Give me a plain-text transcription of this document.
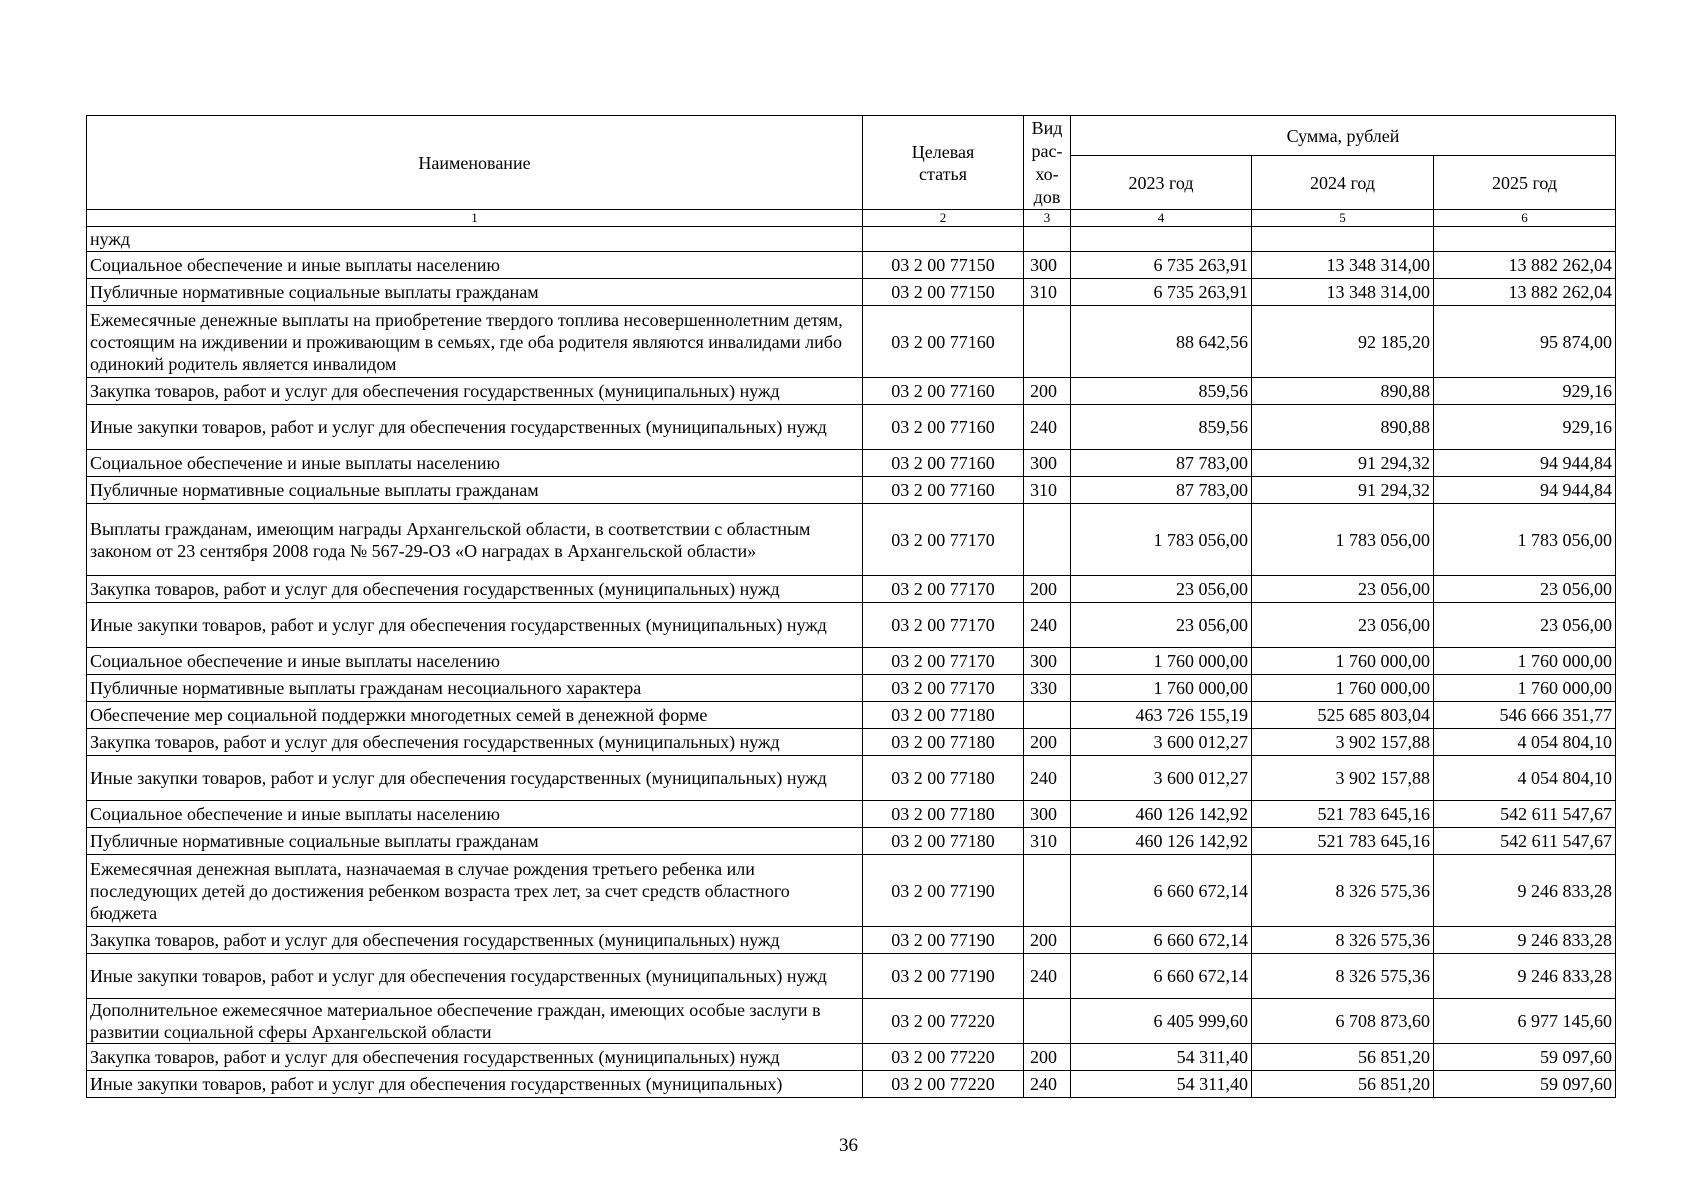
Наименование	Целевая статья	Вид рас-хо-дов	Сумма, рублей		
			2023 год	2024 год	2025 год
1	2	3	4	5	6
нужд					
Социальное обеспечение и иные выплаты населению	03 2 00 77150	300	6 735 263,91	13 348 314,00	13 882 262,04
Публичные нормативные социальные выплаты гражданам	03 2 00 77150	310	6 735 263,91	13 348 314,00	13 882 262,04
Ежемесячные денежные выплаты на приобретение твердого топлива несовершеннолетним детям, состоящим на иждивении и проживающим в семьях, где оба родителя являются инвалидами либо одинокий родитель является инвалидом	03 2 00 77160		88 642,56	92 185,20	95 874,00
Закупка товаров, работ и услуг для обеспечения государственных (муниципальных) нужд	03 2 00 77160	200	859,56	890,88	929,16
Иные закупки товаров, работ и услуг для обеспечения государственных (муниципальных) нужд	03 2 00 77160	240	859,56	890,88	929,16
Социальное обеспечение и иные выплаты населению	03 2 00 77160	300	87 783,00	91 294,32	94 944,84
Публичные нормативные социальные выплаты гражданам	03 2 00 77160	310	87 783,00	91 294,32	94 944,84
Выплаты гражданам, имеющим награды Архангельской области, в соответствии с областным законом от 23 сентября 2008 года № 567-29-ОЗ «О наградах в Архангельской области»	03 2 00 77170		1 783 056,00	1 783 056,00	1 783 056,00
Закупка товаров, работ и услуг для обеспечения государственных (муниципальных) нужд	03 2 00 77170	200	23 056,00	23 056,00	23 056,00
Иные закупки товаров, работ и услуг для обеспечения государственных (муниципальных) нужд	03 2 00 77170	240	23 056,00	23 056,00	23 056,00
Социальное обеспечение и иные выплаты населению	03 2 00 77170	300	1 760 000,00	1 760 000,00	1 760 000,00
Публичные нормативные выплаты гражданам несоциального характера	03 2 00 77170	330	1 760 000,00	1 760 000,00	1 760 000,00
Обеспечение мер социальной поддержки многодетных семей в денежной форме	03 2 00 77180		463 726 155,19	525 685 803,04	546 666 351,77
Закупка товаров, работ и услуг для обеспечения государственных (муниципальных) нужд	03 2 00 77180	200	3 600 012,27	3 902 157,88	4 054 804,10
Иные закупки товаров, работ и услуг для обеспечения государственных (муниципальных) нужд	03 2 00 77180	240	3 600 012,27	3 902 157,88	4 054 804,10
Социальное обеспечение и иные выплаты населению	03 2 00 77180	300	460 126 142,92	521 783 645,16	542 611 547,67
Публичные нормативные социальные выплаты гражданам	03 2 00 77180	310	460 126 142,92	521 783 645,16	542 611 547,67
Ежемесячная денежная выплата, назначаемая в случае рождения третьего ребенка или последующих детей до достижения ребенком возраста трех лет, за счет средств областного бюджета	03 2 00 77190		6 660 672,14	8 326 575,36	9 246 833,28
Закупка товаров, работ и услуг для обеспечения государственных (муниципальных) нужд	03 2 00 77190	200	6 660 672,14	8 326 575,36	9 246 833,28
Иные закупки товаров, работ и услуг для обеспечения государственных (муниципальных) нужд	03 2 00 77190	240	6 660 672,14	8 326 575,36	9 246 833,28
Дополнительное ежемесячное материальное обеспечение граждан, имеющих особые заслуги в развитии социальной сферы Архангельской области	03 2 00 77220		6 405 999,60	6 708 873,60	6 977 145,60
Закупка товаров, работ и услуг для обеспечения государственных (муниципальных) нужд	03 2 00 77220	200	54 311,40	56 851,20	59 097,60
Иные закупки товаров, работ и услуг для обеспечения государственных (муниципальных)	03 2 00 77220	240	54 311,40	56 851,20	59 097,60
36
